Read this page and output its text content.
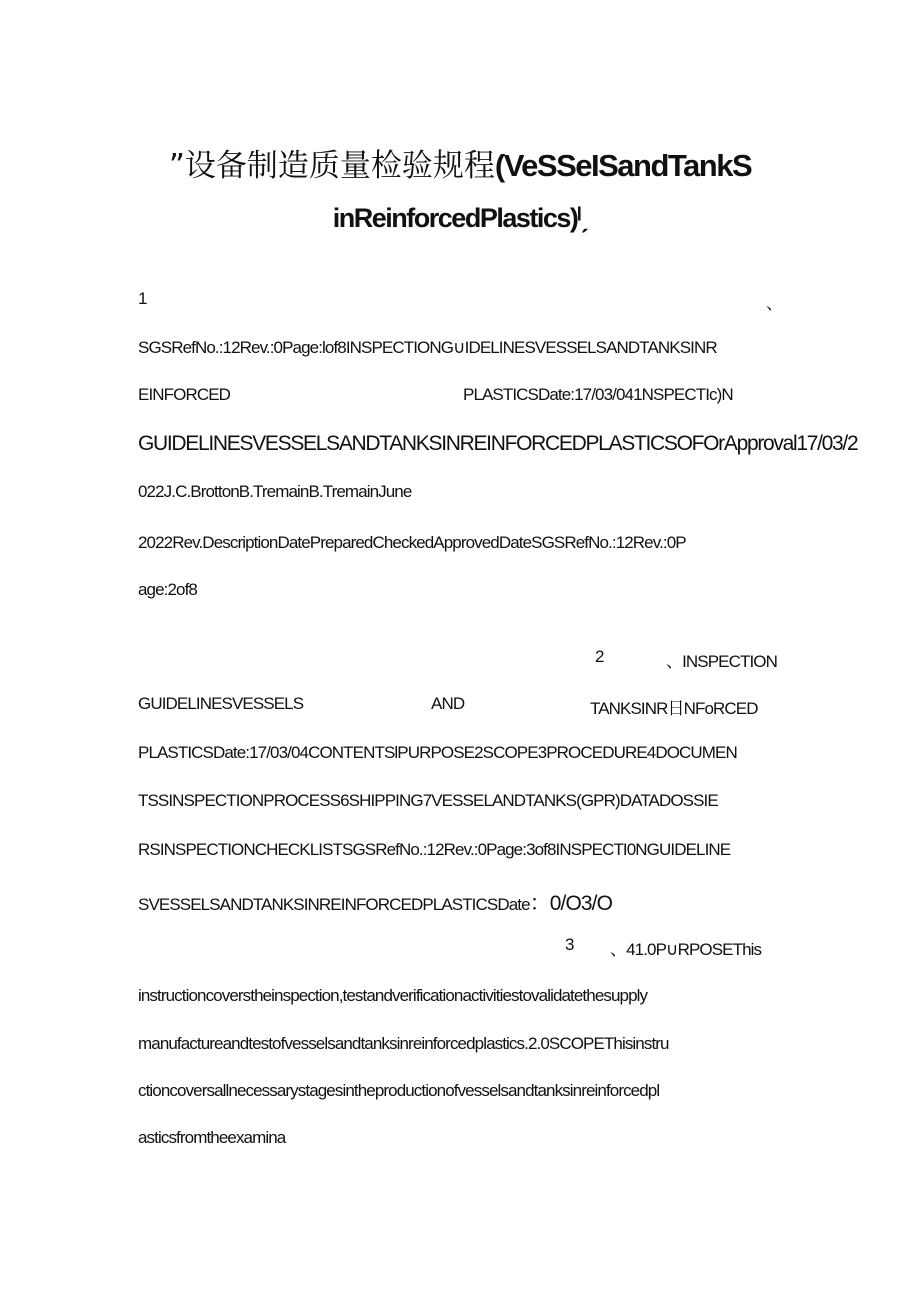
”设备制造质量检验规程(VeSSeISandTankS
inReinforcedPlastics)ˡˏ
1	、
SGSRefNo.:12Rev.:0Page:lof8INSPECTIONG∪IDELINESVESSELSANDTANKSINR
EINFORCED	PLASTICSDate:17/03/041NSPECTIc)N
GUIDELINESVESSELSANDTANKSINREINFORCEDPLASTICSOFOrApproval17/03/2
022J.C.BrottonB.TremainB.TremainJune
2022Rev.DescriptionDatePreparedCheckedApprovedDateSGSRefNo.:12Rev.:0P
age:2of8
2	、INSPECTION
GUIDELINESVESSELS	AND	TANKSINR日NFoRCED
PLASTICSDate:17/03/04CONTENTSlPURPOSE2SCOPE3PROCEDURE4DOCUMEN
TSSINSPECTIONPROCESS6SHIPPING7VESSELANDTANKS(GPR)DATADOSSIE
RSINSPECTIONCHECKLISTSGSRefNo.:12Rev.:0Page:3of8INSPECTI0NGUIDELINE
SVESSELSANDTANKSINREINFORCEDPLASTICSDate：0/O3/O
3 、41.0P∪RPOSEThis
instructioncoverstheinspection,testandverificationactivitiestovalidatethesupply
manufactureandtestofvesselsandtanksinreinforcedplastics.2.0SCOPEThisinstru
ctioncoversallnecessarystagesintheproductionofvesselsandtanksinreinforcedpl
asticsfromtheexamina
